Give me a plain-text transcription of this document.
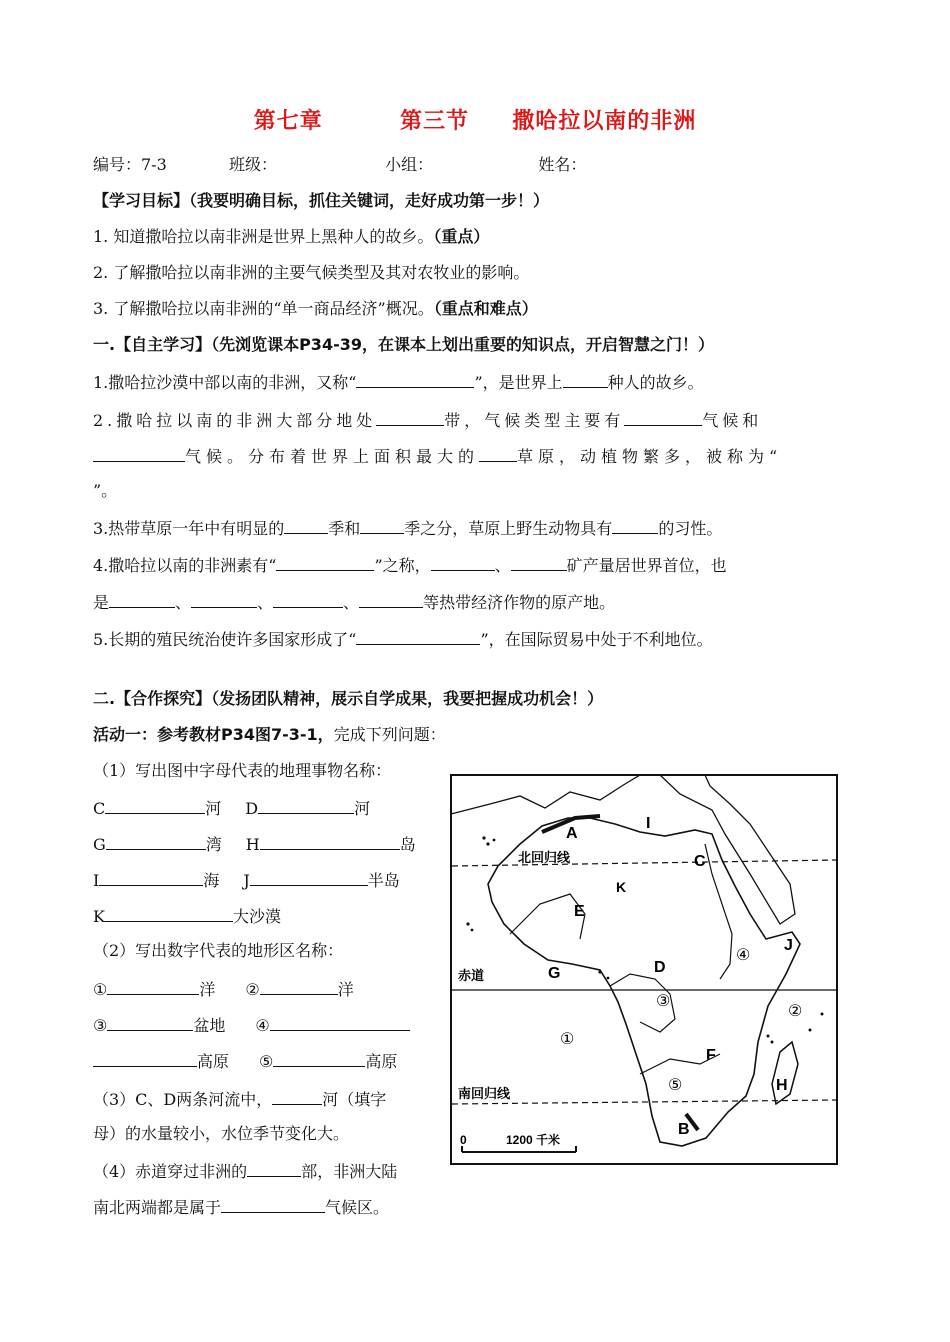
第七章	第三节 撒哈拉以南的非洲
编号：7-3	班级：	小组：	姓名：
【学习目标】（我要明确目标，抓住关键词，走好成功第一步！）
1. 知道撒哈拉以南非洲是世界上黑种人的故乡。（重点）
2. 了解撒哈拉以南非洲的主要气候类型及其对农牧业的影响。
3. 了解撒哈拉以南非洲的“单一商品经济”概况。（重点和难点）
一.【自主学习】（先浏览课本P34-39，在课本上划出重要的知识点，开启智慧之门！）
1.撒哈拉沙漠中部以南的非洲，又称“	”，是世界上	种人的故乡。
2.撒哈拉以南的非洲大部分地处	带，气候类型主要有	气候和
气候。分布着世界上面积最大的 草原，动植物繁多，被称为“
”。
3.热带草原一年中有明显的	季和	季之分，草原上野生动物具有	的习性。
4.撒哈拉以南的非洲素有“	”之称，	、	矿产量居世界首位，也
是	、	、	、	等热带经济作物的原产地。
5.长期的殖民统治使许多国家形成了“	”，在国际贸易中处于不利地位。
二.【合作探究】（发扬团队精神，展示自学成果，我要把握成功机会！）
活动一：参考教材P34图7-3-1，完成下列问题：
（1）写出图中字母代表的地理事物名称：
C	河 D	河
G	湾 H	岛
I	海 J	半岛
K	大沙漠
（2）写出数字代表的地形区名称：
①	洋 ②	洋
③	盆地 ④
高原 ⑤	高原
（3）C、D两条河流中，	河（填字
母）的水量较小，水位季节变化大。
（4）赤道穿过非洲的	部，非洲大陆
南北两端都是属于	气候区。
北回归线
赤道
南回归线
0	1200 千米
A
B
C
D
E
F
G
H
I
J
K
①
②
③
④
⑤
